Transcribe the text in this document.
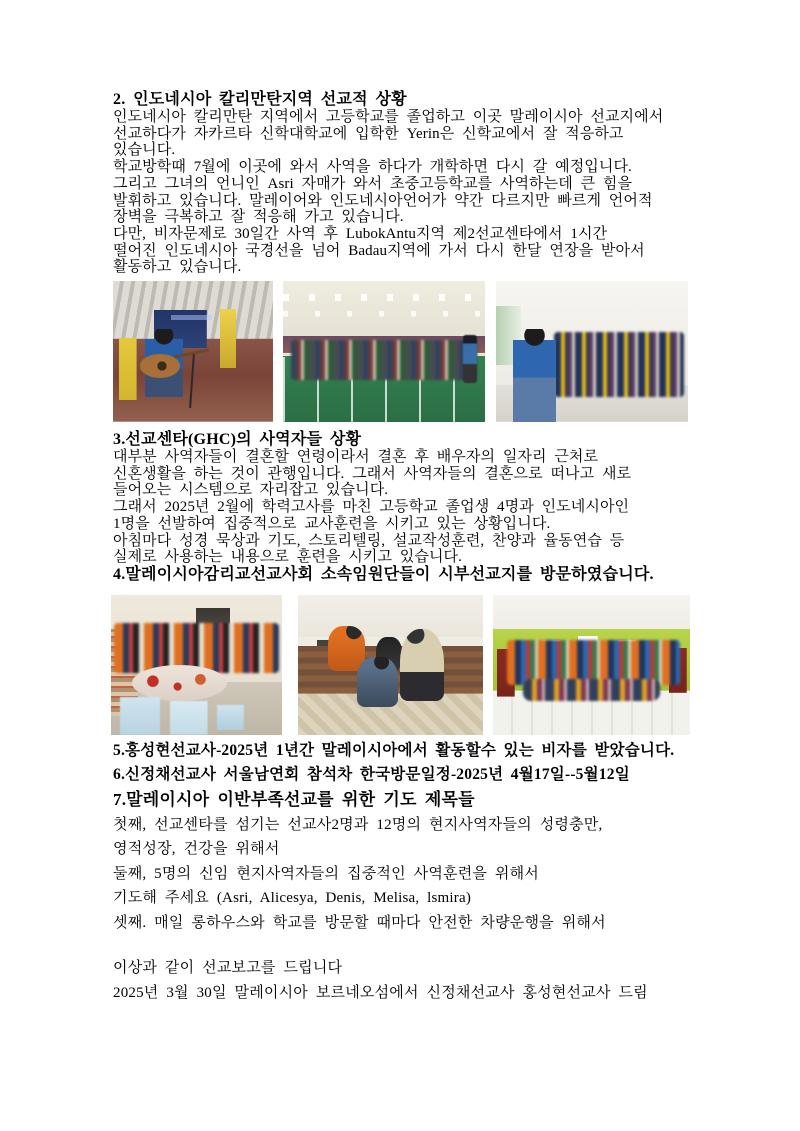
2. 인도네시아 칼리만탄지역 선교적 상황
인도네시아 칼리만탄 지역에서 고등학교를 졸업하고 이곳 말레이시아 선교지에서
선교하다가 자카르타 신학대학교에 입학한 Yerin은 신학교에서 잘 적응하고
있습니다.
학교방학때 7월에 이곳에 와서 사역을 하다가 개학하면 다시 갈 예정입니다.
그리고 그녀의 언니인 Asri 자매가 와서 초중고등학교를 사역하는데 큰 힘을
발휘하고 있습니다. 말레이어와 인도네시아언어가 약간 다르지만 빠르게 언어적
장벽을 극복하고 잘 적응해 가고 있습니다.
다만, 비자문제로 30일간 사역 후 LubokAntu지역 제2선교센타에서 1시간
떨어진 인도네시아 국경선을 넘어 Badau지역에 가서 다시 한달 연장을 받아서
활동하고 있습니다.
3.선교센타(GHC)의 사역자들 상황
대부분 사역자들이 결혼할 연령이라서 결혼 후 배우자의 일자리 근처로
신혼생활을 하는 것이 관행입니다. 그래서 사역자들의 결혼으로 떠나고 새로
들어오는 시스템으로 자리잡고 있습니다.
그래서 2025년 2월에 학력고사를 마친 고등학교 졸업생 4명과 인도네시아인
1명을 선발하여 집중적으로 교사훈련을 시키고 있는 상황입니다.
아침마다 성경 묵상과 기도, 스토리텔링, 설교작성훈련, 찬양과 율동연습 등
실제로 사용하는 내용으로 훈련을 시키고 있습니다.
4.말레이시아감리교선교사회 소속임원단들이 시부선교지를 방문하였습니다.
5.홍성현선교사-2025년 1년간 말레이시아에서 활동할수 있는 비자를 받았습니다.
6.신정채선교사 서울남연회 참석차 한국방문일정-2025년 4월17일--5월12일
7.말레이시아 이반부족선교를 위한 기도 제목들
첫째, 선교센타를 섬기는 선교사2명과 12명의 현지사역자들의 성령충만,
영적성장, 건강을 위해서
둘째, 5명의 신임 현지사역자들의 집중적인 사역훈련을 위해서
기도해 주세요 (Asri, Alicesya, Denis, Melisa, lsmira)
셋째. 매일 롱하우스와 학교를 방문할 때마다 안전한 차량운행을 위해서
이상과 같이 선교보고를 드립니다
2025년 3월 30일 말레이시아 보르네오섬에서 신정채선교사 홍성현선교사 드림
